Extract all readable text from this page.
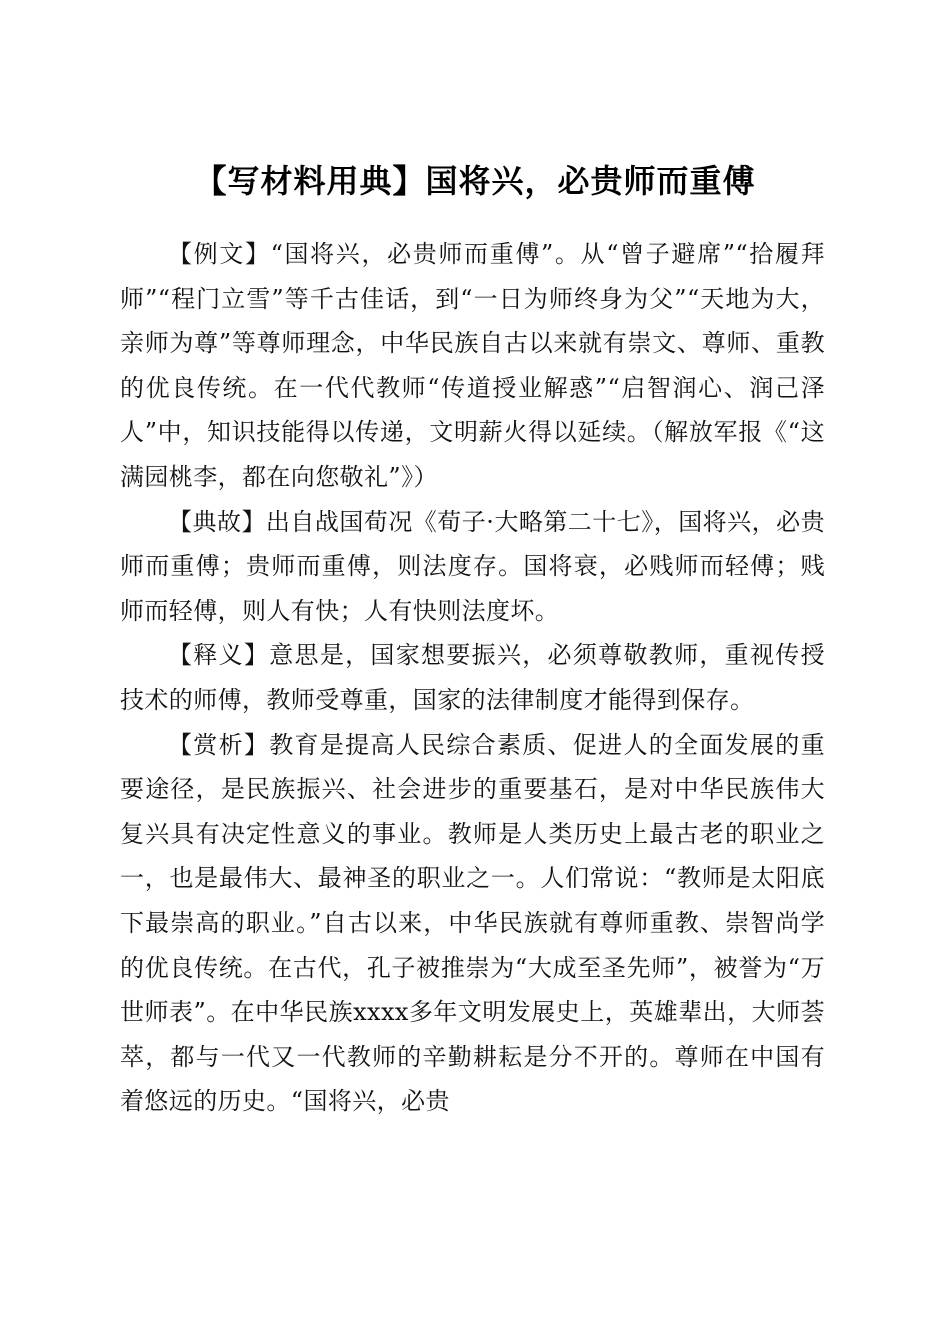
【写材料用典】国将兴，必贵师而重傅

【例文】“国将兴，必贵师而重傅”。从“曾子避席”“拾履拜师”“程门立雪”等千古佳话，到“一日为师终身为父”“天地为大，亲师为尊”等尊师理念，中华民族自古以来就有崇文、尊师、重教的优良传统。在一代代教师“传道授业解惑”“启智润心、润己泽人”中，知识技能得以传递，文明薪火得以延续。（解放军报《“这满园桃李，都在向您敬礼”》）

【典故】出自战国荀况《荀子·大略第二十七》，国将兴，必贵师而重傅；贵师而重傅，则法度存。国将衰，必贱师而轻傅；贱师而轻傅，则人有快；人有快则法度坏。

【释义】意思是，国家想要振兴，必须尊敬教师，重视传授技术的师傅，教师受尊重，国家的法律制度才能得到保存。

【赏析】教育是提高人民综合素质、促进人的全面发展的重要途径，是民族振兴、社会进步的重要基石，是对中华民族伟大复兴具有决定性意义的事业。教师是人类历史上最古老的职业之一，也是最伟大、最神圣的职业之一。人们常说：“教师是太阳底下最崇高的职业。”自古以来，中华民族就有尊师重教、崇智尚学的优良传统。在古代，孔子被推崇为“大成至圣先师”，被誉为“万世师表”。在中华民族xxxx多年文明发展史上，英雄辈出，大师荟萃，都与一代又一代教师的辛勤耕耘是分不开的。尊师在中国有着悠远的历史。“国将兴，必贵
